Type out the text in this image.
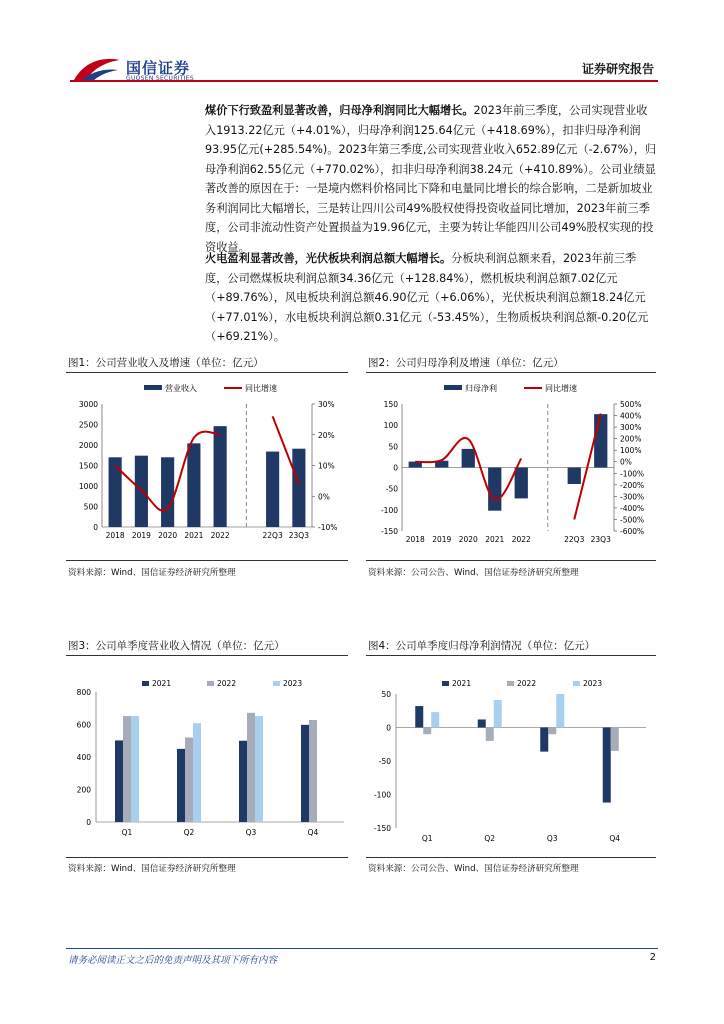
国信证券
GUOSEN SECURITIES
证券研究报告
煤价下行致盈利显著改善，归母净利润同比大幅增长。2023年前三季度，公司实现营业收入1913.22亿元（+4.01%），归母净利润125.64亿元（+418.69%），扣非归母净利润93.95亿元(+285.54%)。2023年第三季度,公司实现营业收入652.89亿元（-2.67%），归母净利润62.55亿元（+770.02%），扣非归母净利润38.24元（+410.89%）。公司业绩显著改善的原因在于：一是境内燃料价格同比下降和电量同比增长的综合影响，二是新加坡业务利润同比大幅增长，三是转让四川公司49%股权使得投资收益同比增加，2023年前三季度，公司非流动性资产处置损益为19.96亿元，主要为转让华能四川公司49%股权实现的投资收益。
火电盈利显著改善，光伏板块利润总额大幅增长。分板块利润总额来看，2023年前三季度，公司燃煤板块利润总额34.36亿元（+128.84%），燃机板块利润总额7.02亿元（+89.76%），风电板块利润总额46.90亿元（+6.06%），光伏板块利润总额18.24亿元（+77.01%），水电板块利润总额0.31亿元（-53.45%），生物质板块利润总额-0.20亿元（+69.21%）。
图1：公司营业收入及增速（单位：亿元）
营业收入	同比增速
0
500
1000
1500
2000
2500
3000
-10%
0%
10%
20%
30%
2018 2019 2020 2021 2022	22Q3 23Q3
资料来源：Wind、国信证券经济研究所整理
图2：公司归母净利及增速（单位：亿元）
归母净利	同比增速
-150
-100
-50
0
50
100
150
-600%
-500%
-400%
-300%
-200%
-100%
0%
100%
200%
300%
400%
500%
2018 2019 2020 2021 2022	22Q3 23Q3
资料来源：公司公告、Wind、国信证券经济研究所整理
图3：公司单季度营业收入情况（单位：亿元）
2021	2022	2023
0
200
400
600
800
Q1	Q2	Q3	Q4
资料来源：Wind、国信证券经济研究所整理
图4：公司单季度归母净利润情况（单位：亿元）
2021	2022	2023
-150
-100
-50
0
50
Q1	Q2	Q3	Q4
资料来源：公司公告、Wind、国信证券经济研究所整理
请务必阅读正文之后的免责声明及其项下所有内容	2
